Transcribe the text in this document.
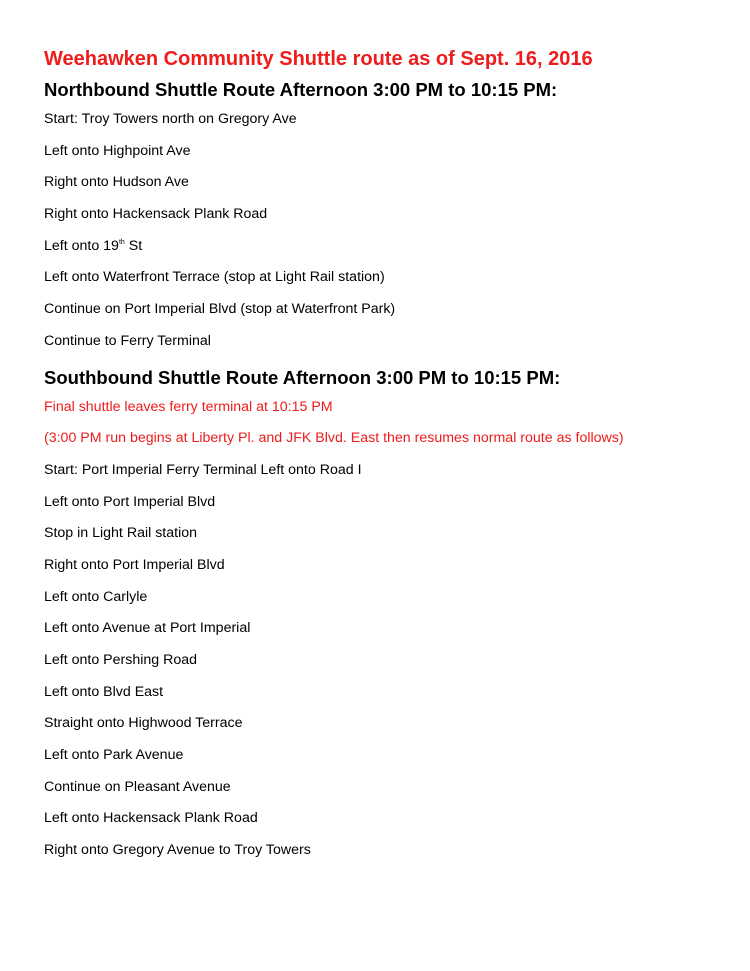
Weehawken Community Shuttle route as of Sept. 16, 2016
Northbound Shuttle Route Afternoon 3:00 PM to 10:15 PM:
Start: Troy Towers north on Gregory Ave
Left onto Highpoint Ave
Right onto Hudson Ave
Right onto Hackensack Plank Road
Left onto 19th St
Left onto Waterfront Terrace (stop at Light Rail station)
Continue on Port Imperial Blvd (stop at Waterfront Park)
Continue to Ferry Terminal
Southbound Shuttle Route Afternoon 3:00 PM to 10:15 PM:
Final shuttle leaves ferry terminal at 10:15 PM
(3:00 PM run begins at Liberty Pl. and JFK Blvd. East then resumes normal route as follows)
Start: Port Imperial Ferry Terminal Left onto Road I
Left onto Port Imperial Blvd
Stop in Light Rail station
Right onto Port Imperial Blvd
Left onto Carlyle
Left onto Avenue at Port Imperial
Left onto Pershing Road
Left onto Blvd East
Straight onto Highwood Terrace
Left onto Park Avenue
Continue on Pleasant Avenue
Left onto Hackensack Plank Road
Right onto Gregory Avenue to Troy Towers
